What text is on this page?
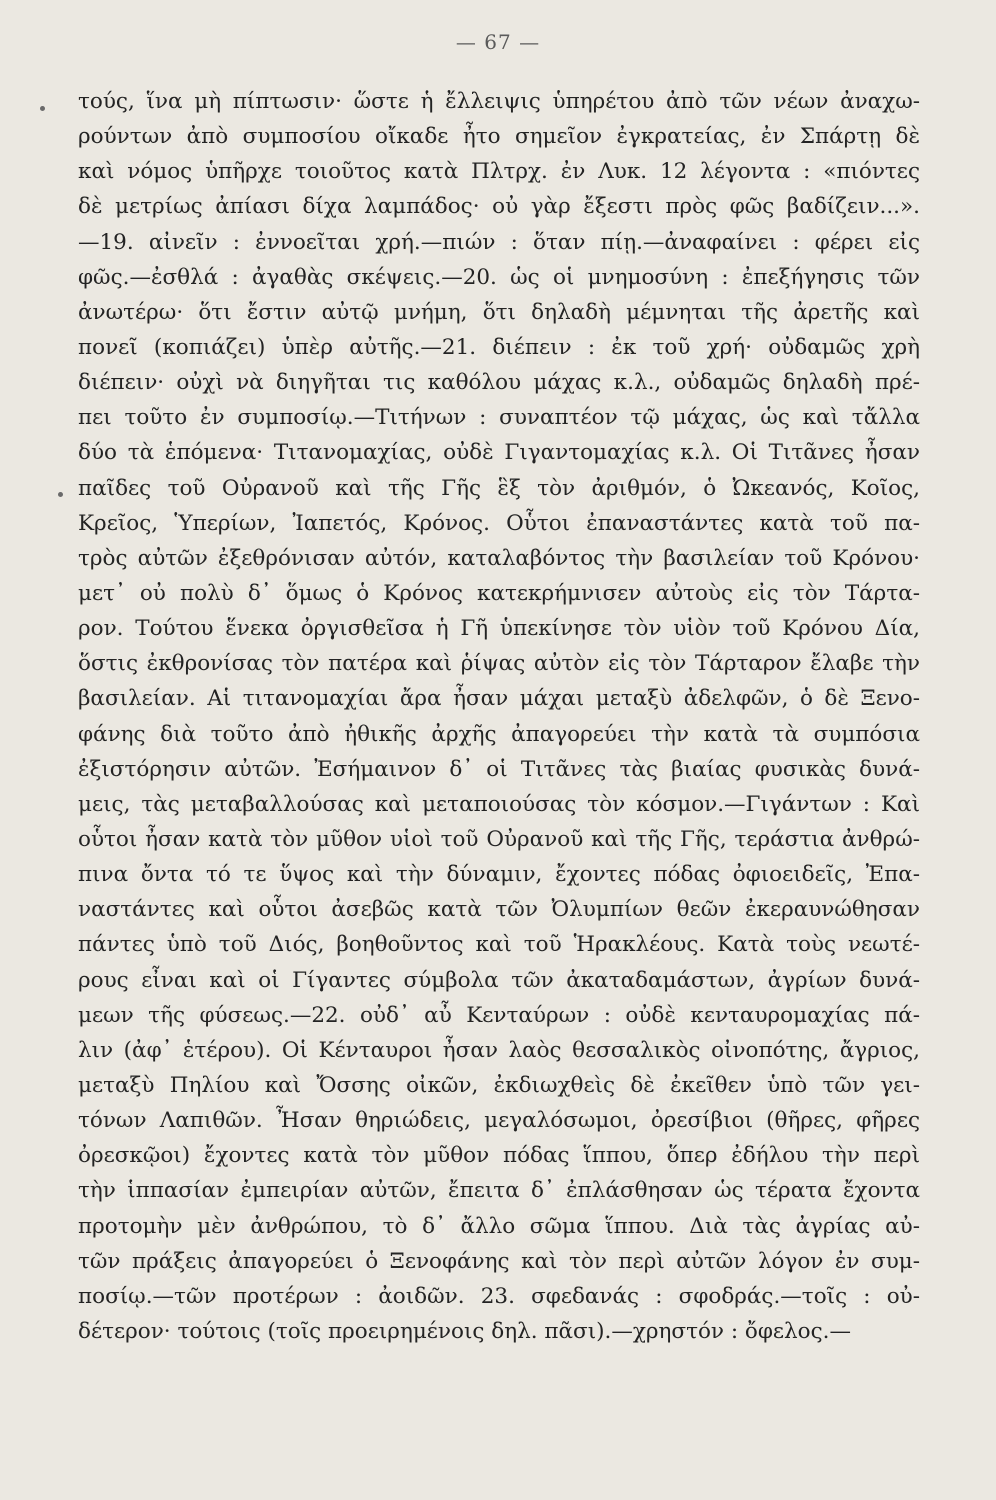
— 67 —
τούς, ἵνα μὴ πίπτωσιν· ὥστε ἡ ἔλλειψις ὑπηρέτου ἀπὸ τῶν νέων ἀναχω-
ρούντων ἀπὸ συμποσίου οἴκαδε ἦτο σημεῖον ἐγκρατείας, ἐν Σπάρτῃ δὲ
καὶ νόμος ὑπῆρχε τοιοῦτος κατὰ Πλτρχ. ἐν Λυκ. 12 λέγοντα : «πιόντες
δὲ μετρίως ἀπίασι δίχα λαμπάδος· οὐ γὰρ ἔξεστι πρὸς φῶς βαδίζειν...».
—19. αἰνεῖν : ἐννοεῖται χρή.—πιών : ὅταν πίῃ.—ἀναφαίνει : φέρει εἰς
φῶς.—ἐσθλά : ἀγαθὰς σκέψεις.—20. ὡς οἱ μνημοσύνη : ἐπεξήγησις τῶν
ἀνωτέρω· ὅτι ἔστιν αὐτῷ μνήμη, ὅτι δηλαδὴ μέμνηται τῆς ἀρετῆς καὶ
πονεῖ (κοπιάζει) ὑπὲρ αὐτῆς.—21. διέπειν : ἐκ τοῦ χρή· οὐδαμῶς χρὴ
διέπειν· οὐχὶ νὰ διηγῆται τις καθόλου μάχας κ.λ., οὐδαμῶς δηλαδὴ πρέ-
πει τοῦτο ἐν συμποσίῳ.—Τιτήνων : συναπτέον τῷ μάχας, ὡς καὶ τἄλλα
δύο τὰ ἑπόμενα· Τιτανομαχίας, οὐδὲ Γιγαντομαχίας κ.λ. Οἱ Τιτᾶνες ἦσαν
παῖδες τοῦ Οὐρανοῦ καὶ τῆς Γῆς ἓξ τὸν ἀριθμόν, ὁ Ὠκεανός, Κοῖος,
Κρεῖος, Ὑπερίων, Ἰαπετός, Κρόνος. Οὗτοι ἐπαναστάντες κατὰ τοῦ πα-
τρὸς αὐτῶν ἐξεθρόνισαν αὐτόν, καταλαβόντος τὴν βασιλείαν τοῦ Κρόνου·
μετ᾽ οὐ πολὺ δ᾽ ὅμως ὁ Κρόνος κατεκρήμνισεν αὐτοὺς εἰς τὸν Τάρτα-
ρον. Τούτου ἕνεκα ὀργισθεῖσα ἡ Γῆ ὑπεκίνησε τὸν υἱὸν τοῦ Κρόνου Δία,
ὅστις ἐκθρονίσας τὸν πατέρα καὶ ῥίψας αὐτὸν εἰς τὸν Τάρταρον ἔλαβε τὴν
βασιλείαν. Αἱ τιτανομαχίαι ἄρα ἦσαν μάχαι μεταξὺ ἀδελφῶν, ὁ δὲ Ξενο-
φάνης διὰ τοῦτο ἀπὸ ἠθικῆς ἀρχῆς ἀπαγορεύει τὴν κατὰ τὰ συμπόσια
ἐξιστόρησιν αὐτῶν. Ἐσήμαινον δ᾽ οἱ Τιτᾶνες τὰς βιαίας φυσικὰς δυνά-
μεις, τὰς μεταβαλλούσας καὶ μεταποιούσας τὸν κόσμον.—Γιγάντων : Καὶ
οὗτοι ἦσαν κατὰ τὸν μῦθον υἱοὶ τοῦ Οὐρανοῦ καὶ τῆς Γῆς, τεράστια ἀνθρώ-
πινα ὄντα τό τε ὕψος καὶ τὴν δύναμιν, ἔχοντες πόδας ὀφιοειδεῖς, Ἐπα-
ναστάντες καὶ οὗτοι ἀσεβῶς κατὰ τῶν Ὀλυμπίων θεῶν ἐκεραυνώθησαν
πάντες ὑπὸ τοῦ Διός, βοηθοῦντος καὶ τοῦ Ἡρακλέους. Κατὰ τοὺς νεωτέ-
ρους εἶναι καὶ οἱ Γίγαντες σύμβολα τῶν ἀκαταδαμάστων, ἀγρίων δυνά-
μεων τῆς φύσεως.—22. οὐδ᾽ αὖ Κενταύρων : οὐδὲ κενταυρομαχίας πά-
λιν (ἀφ᾽ ἑτέρου). Οἱ Κένταυροι ἦσαν λαὸς θεσσαλικὸς οἰνοπότης, ἄγριος,
μεταξὺ Πηλίου καὶ Ὄσσης οἰκῶν, ἐκδιωχθεὶς δὲ ἐκεῖθεν ὑπὸ τῶν γει-
τόνων Λαπιθῶν. Ἦσαν θηριώδεις, μεγαλόσωμοι, ὀρεσίβιοι (θῆρες, φῆρες
ὀρεσκῷοι) ἔχοντες κατὰ τὸν μῦθον πόδας ἵππου, ὅπερ ἐδήλου τὴν περὶ
τὴν ἱππασίαν ἐμπειρίαν αὐτῶν, ἔπειτα δ᾽ ἐπλάσθησαν ὡς τέρατα ἔχοντα
προτομὴν μὲν ἀνθρώπου, τὸ δ᾽ ἄλλο σῶμα ἵππου. Διὰ τὰς ἀγρίας αὐ-
τῶν πράξεις ἀπαγορεύει ὁ Ξενοφάνης καὶ τὸν περὶ αὐτῶν λόγον ἐν συμ-
ποσίῳ.—τῶν προτέρων : ἀοιδῶν. 23. σφεδανάς : σφοδράς.—τοῖς : οὐ-
δέτερον· τούτοις (τοῖς προειρημένοις δηλ. πᾶσι).—χρηστόν : ὄφελος.—
